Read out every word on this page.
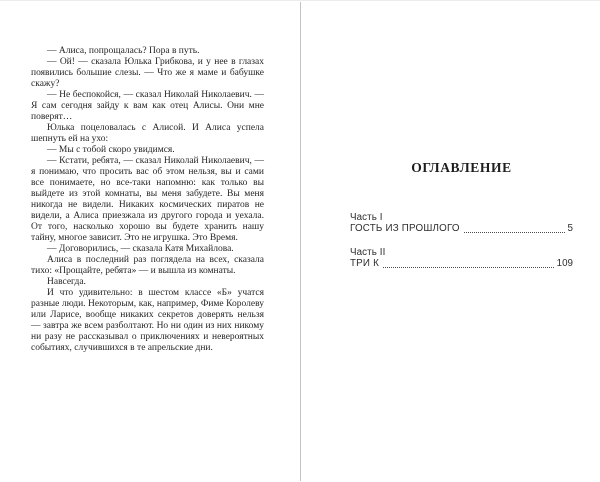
— Алиса, попрощалась? Пора в путь.

— Ой! — сказала Юлька Грибкова, и у нее в глазах появились большие слезы. — Что же я маме и бабушке скажу?

— Не беспокойся, — сказал Николай Николаевич. — Я сам сегодня зайду к вам как отец Алисы. Они мне поверят…

Юлька поцеловалась с Алисой. И Алиса успела шепнуть ей на ухо:

— Мы с тобой скоро увидимся.

— Кстати, ребята, — сказал Николай Николаевич, — я понимаю, что просить вас об этом нельзя, вы и сами все понимаете, но все-таки напомню: как только вы выйдете из этой комнаты, вы меня забудете. Вы меня никогда не видели. Никаких космических пиратов не видели, а Алиса приезжала из другого города и уехала. От того, насколько хорошо вы будете хранить нашу тайну, многое зависит. Это не игрушка. Это Время.

— Договорились, — сказала Катя Михайлова.

Алиса в последний раз поглядела на всех, сказала тихо: «Прощайте, ребята» — и вышла из комнаты.

Навсегда.

И что удивительно: в шестом классе «Б» учатся разные люди. Некоторым, как, например, Фиме Королеву или Ларисе, вообще никаких секретов доверять нельзя — завтра же всем разболтают. Но ни один из них никому ни разу не рассказывал о приключениях и невероятных событиях, случившихся в те апрельские дни.

ОГЛАВЛЕНИЕ
Часть I
ГОСТЬ ИЗ ПРОШЛОГО	5
Часть II
ТРИ К	109
